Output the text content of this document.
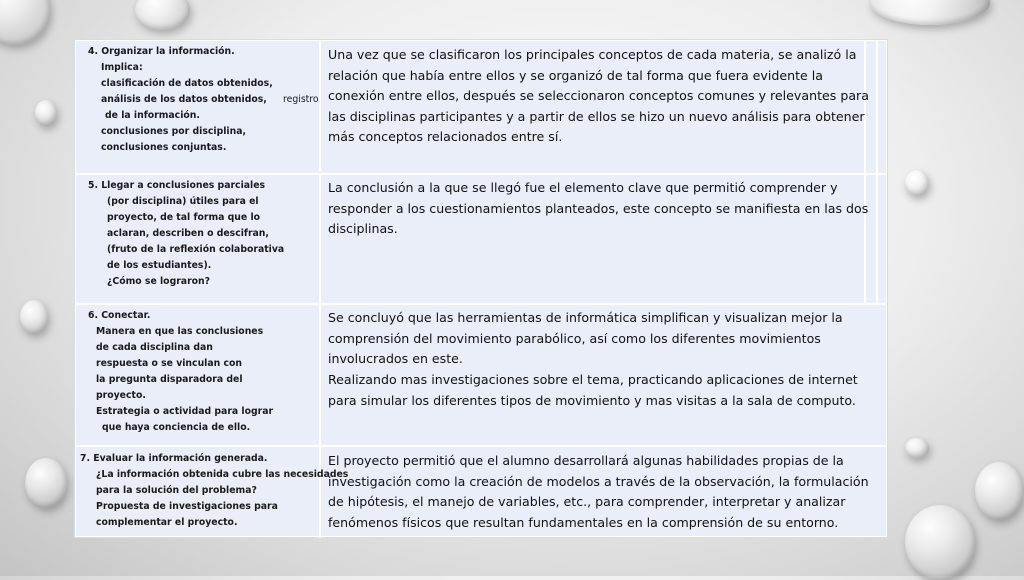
4. Organizar la información.
Implica:
clasificación de datos obtenidos,
análisis de los datos obtenidos, registro
de la información.
conclusiones por disciplina,
conclusiones conjuntas.
Una vez que se clasificaron los principales conceptos de cada materia, se analizó la relación que había entre ellos y se organizó de tal forma que fuera evidente la conexión entre ellos, después se seleccionaron conceptos comunes y relevantes para las disciplinas participantes y a partir de ellos se hizo un nuevo análisis para obtener más conceptos relacionados entre sí.
5. Llegar a conclusiones parciales
(por disciplina) útiles para el
proyecto, de tal forma que lo
aclaran, describen o descifran,
(fruto de la reflexión colaborativa
de los estudiantes).
¿Cómo se lograron?
La conclusión a la que se llegó fue el elemento clave que permitió comprender y responder a los cuestionamientos planteados, este concepto se manifiesta en las dos disciplinas.
6. Conectar.
Manera en que las conclusiones
de cada disciplina dan
respuesta o se vinculan con
la pregunta disparadora del
proyecto.
Estrategia o actividad para lograr
que haya conciencia de ello.
Se concluyó que las herramientas de informática simplifican y visualizan mejor la comprensión del movimiento parabólico, así como los diferentes movimientos involucrados en este.
Realizando mas investigaciones sobre el tema, practicando aplicaciones de internet para simular los diferentes tipos de movimiento y mas visitas a la sala de computo.
7. Evaluar la información generada.
¿La información obtenida cubre las necesidades
para la solución del problema?
Propuesta de investigaciones para
complementar el proyecto.
El proyecto permitió que el alumno desarrollará algunas habilidades propias de la investigación como la creación de modelos a través de la observación, la formulación de hipótesis, el manejo de variables, etc., para comprender, interpretar y analizar fenómenos físicos que resultan fundamentales en la comprensión de su entorno.
